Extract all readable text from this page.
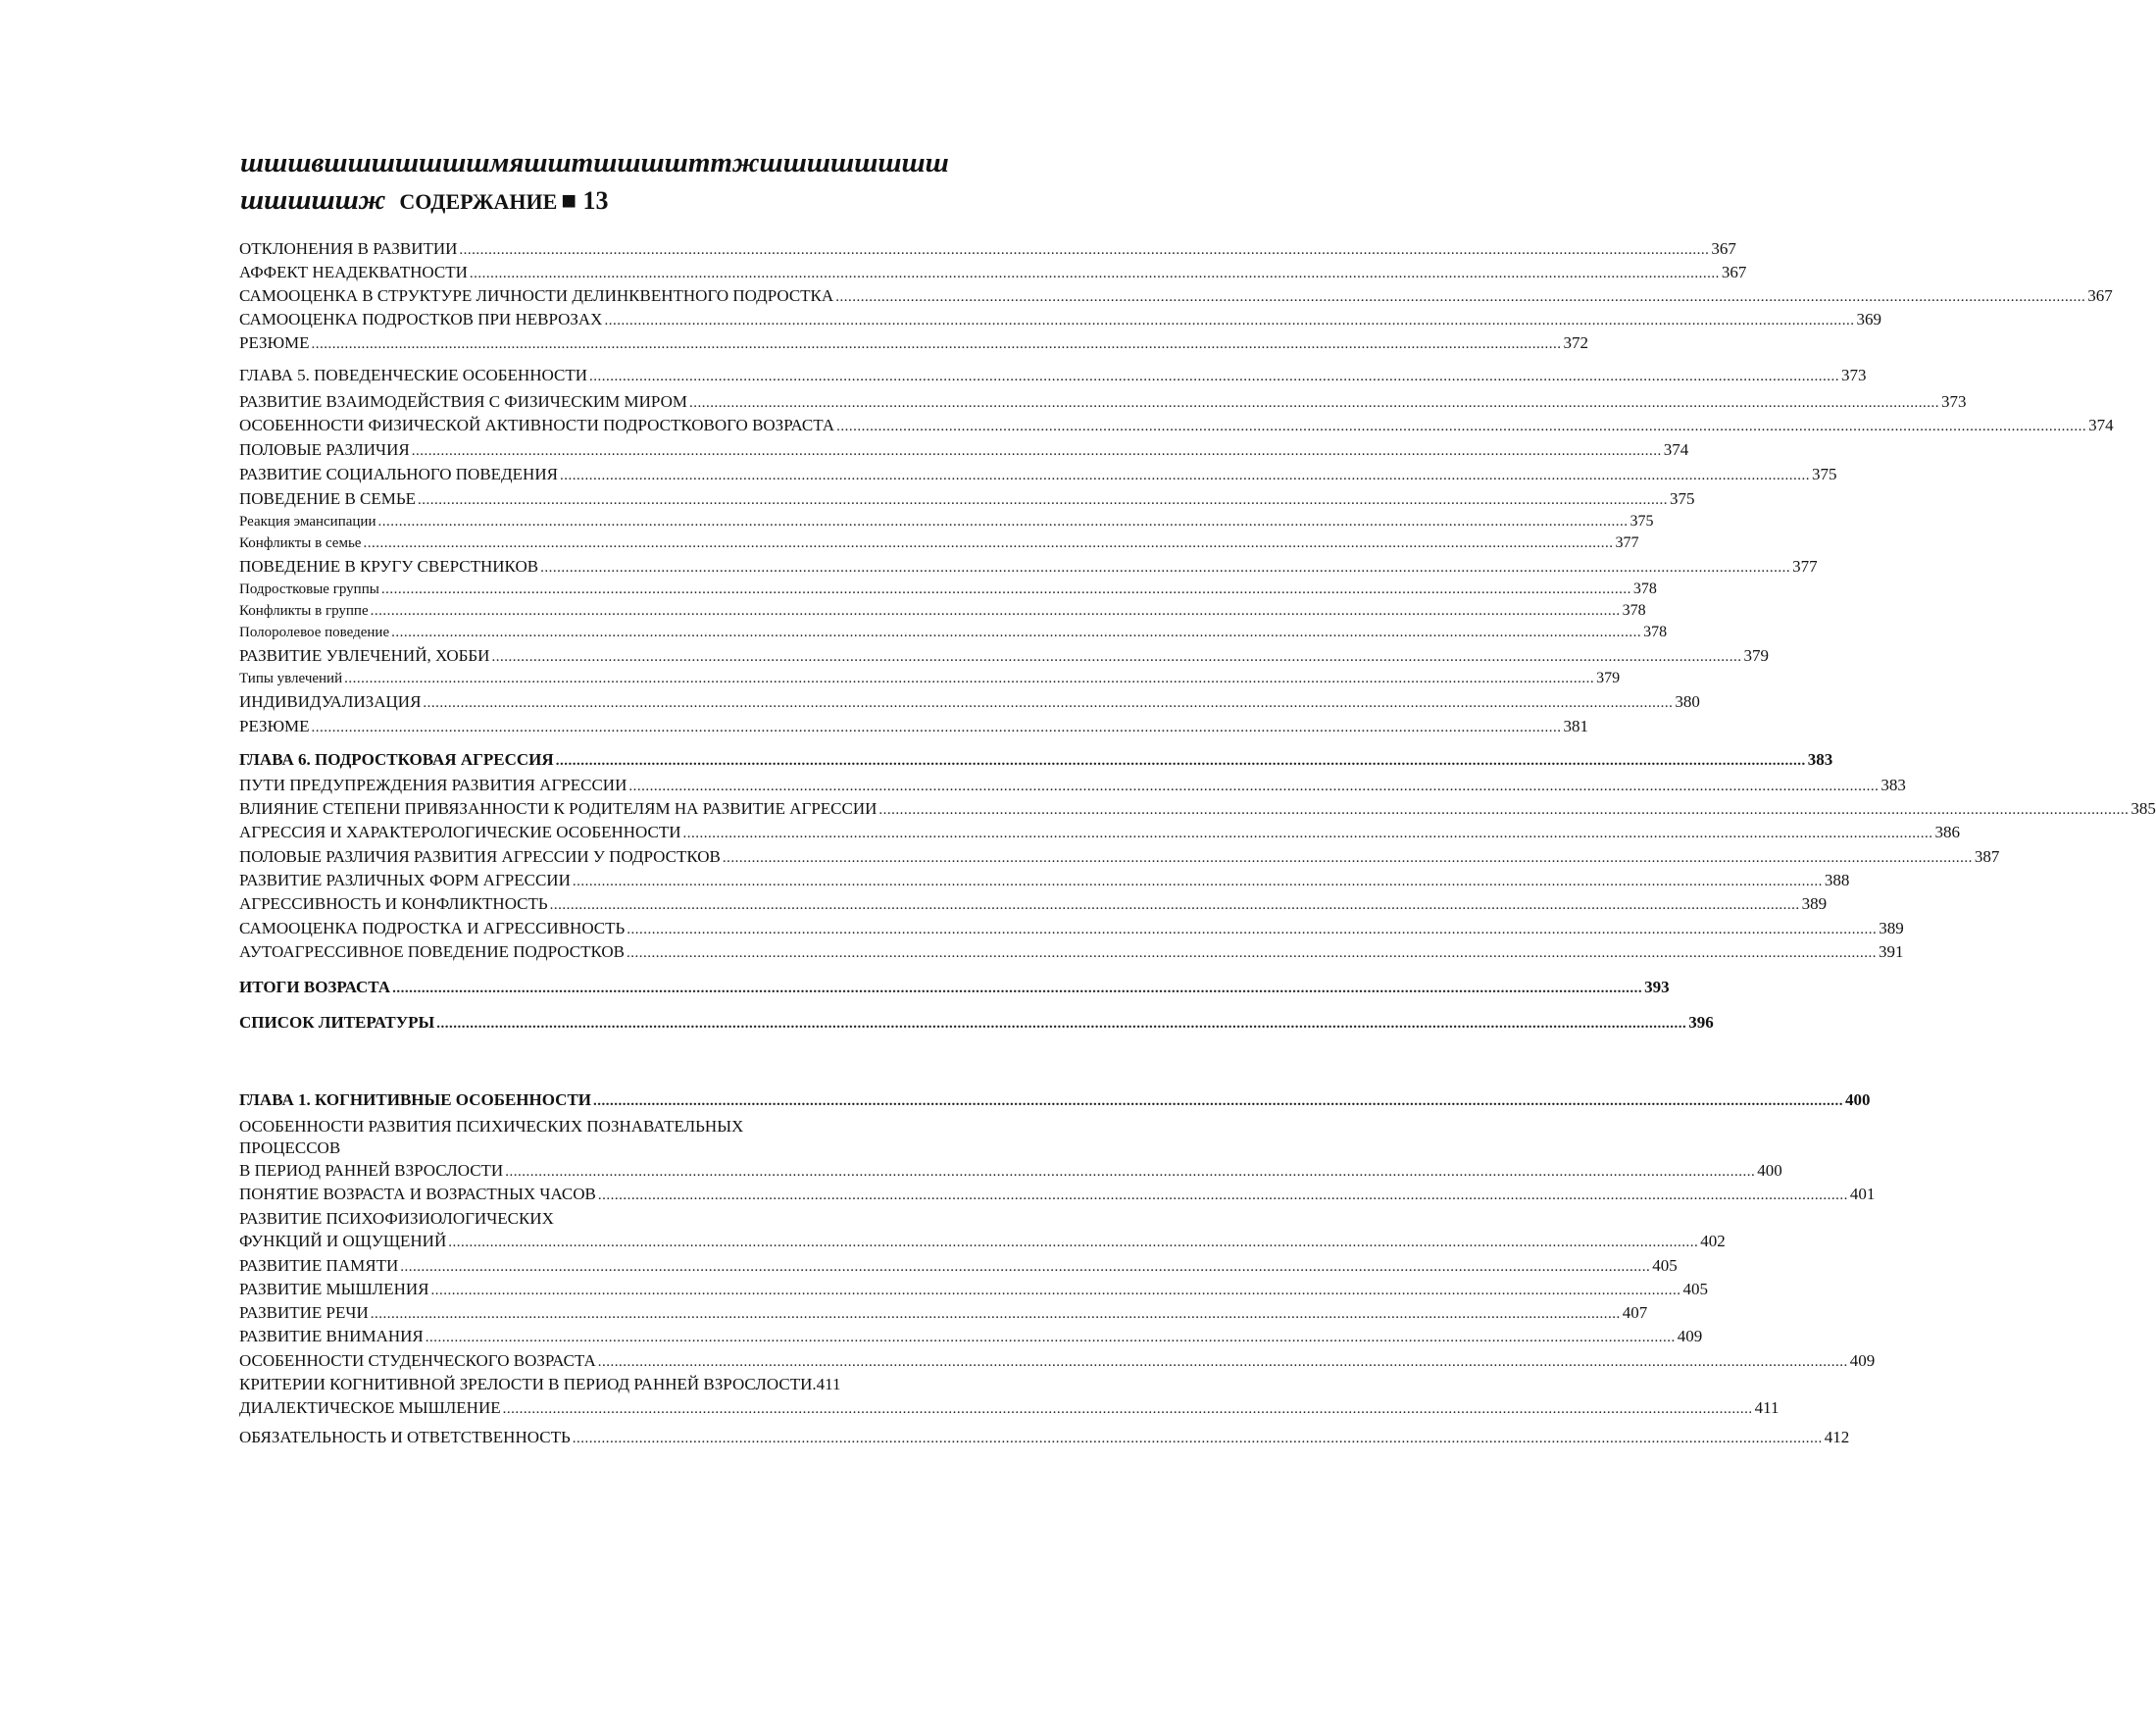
шшшвшшшшшшшмяшштшшшшттжшшшшшшшш
шшшшшж СОДЕРЖАНИЕ ■ 13
ОТКЛОНЕНИЯ В РАЗВИТИИ ............................................................................................................................................................................................................................................................................................................ 367
АФФЕКТ НЕАДЕКВАТНОСТИ ............................................................................................................................................................................................................................................................................................................ 367
САМООЦЕНКА В СТРУКТУРЕ ЛИЧНОСТИ ДЕЛИНКВЕНТНОГО ПОДРОСТКА ............................................................................................................................................................................................................................................................................................................ 367
САМООЦЕНКА ПОДРОСТКОВ ПРИ НЕВРОЗАХ ............................................................................................................................................................................................................................................................................................................ 369
РЕЗЮМЕ ............................................................................................................................................................................................................................................................................................................ 372
ГЛАВА 5. ПОВЕДЕНЧЕСКИЕ ОСОБЕННОСТИ ............................................................................................................................................................................................................................................................................................................ 373
РАЗВИТИЕ ВЗАИМОДЕЙСТВИЯ С ФИЗИЧЕСКИМ МИРОМ ............................................................................................................................................................................................................................................................................................................ 373
ОСОБЕННОСТИ ФИЗИЧЕСКОЙ АКТИВНОСТИ ПОДРОСТКОВОГО ВОЗРАСТА ............................................................................................................................................................................................................................................................................................................ 374
ПОЛОВЫЕ РАЗЛИЧИЯ ............................................................................................................................................................................................................................................................................................................ 374
РАЗВИТИЕ СОЦИАЛЬНОГО ПОВЕДЕНИЯ ............................................................................................................................................................................................................................................................................................................ 375
ПОВЕДЕНИЕ В СЕМЬЕ ............................................................................................................................................................................................................................................................................................................ 375
Реакция эмансипации ............................................................................................................................................................................................................................................................................................................ 375
Конфликты в семье ............................................................................................................................................................................................................................................................................................................ 377
ПОВЕДЕНИЕ В КРУГУ СВЕРСТНИКОВ ............................................................................................................................................................................................................................................................................................................ 377
Подростковые группы ............................................................................................................................................................................................................................................................................................................ 378
Конфликты в группе ............................................................................................................................................................................................................................................................................................................ 378
Полоролевое поведение ............................................................................................................................................................................................................................................................................................................ 378
РАЗВИТИЕ УВЛЕЧЕНИЙ, ХОББИ ............................................................................................................................................................................................................................................................................................................ 379
Типы увлечений ............................................................................................................................................................................................................................................................................................................ 379
ИНДИВИДУАЛИЗАЦИЯ ............................................................................................................................................................................................................................................................................................................ 380
РЕЗЮМЕ ............................................................................................................................................................................................................................................................................................................ 381
ГЛАВА 6. ПОДРОСТКОВАЯ АГРЕССИЯ ............................................................................................................................................................................................................................................................................................................ 383
ПУТИ ПРЕДУПРЕЖДЕНИЯ РАЗВИТИЯ АГРЕССИИ ............................................................................................................................................................................................................................................................................................................ 383
ВЛИЯНИЕ СТЕПЕНИ ПРИВЯЗАННОСТИ К РОДИТЕЛЯМ НА РАЗВИТИЕ АГРЕССИИ ............................................................................................................................................................................................................................................................................................................ 385
АГРЕССИЯ И ХАРАКТЕРОЛОГИЧЕСКИЕ ОСОБЕННОСТИ ............................................................................................................................................................................................................................................................................................................ 386
ПОЛОВЫЕ РАЗЛИЧИЯ РАЗВИТИЯ АГРЕССИИ У ПОДРОСТКОВ ............................................................................................................................................................................................................................................................................................................ 387
РАЗВИТИЕ РАЗЛИЧНЫХ ФОРМ АГРЕССИИ ............................................................................................................................................................................................................................................................................................................ 388
АГРЕССИВНОСТЬ И КОНФЛИКТНОСТЬ ............................................................................................................................................................................................................................................................................................................ 389
САМООЦЕНКА ПОДРОСТКА И АГРЕССИВНОСТЬ ............................................................................................................................................................................................................................................................................................................ 389
АУТОАГРЕССИВНОЕ ПОВЕДЕНИЕ ПОДРОСТКОВ ............................................................................................................................................................................................................................................................................................................ 391
ИТОГИ ВОЗРАСТА ............................................................................................................................................................................................................................................................................................................ 393
СПИСОК ЛИТЕРАТУРЫ ............................................................................................................................................................................................................................................................................................................ 396
ГЛАВА 1. КОГНИТИВНЫЕ ОСОБЕННОСТИ ............................................................................................................................................................................................................................................................................................................ 400
ОСОБЕННОСТИ РАЗВИТИЯ ПСИХИЧЕСКИХ ПОЗНАВАТЕЛЬНЫХ
ПРОЦЕССОВ
В ПЕРИОД РАННЕЙ ВЗРОСЛОСТИ ............................................................................................................................................................................................................................................................................................................ 400
ПОНЯТИЕ ВОЗРАСТА И ВОЗРАСТНЫХ ЧАСОВ ............................................................................................................................................................................................................................................................................................................ 401
РАЗВИТИЕ ПСИХОФИЗИОЛОГИЧЕСКИХ
ФУНКЦИЙ И ОЩУЩЕНИЙ ............................................................................................................................................................................................................................................................................................................ 402
РАЗВИТИЕ ПАМЯТИ ............................................................................................................................................................................................................................................................................................................ 405
РАЗВИТИЕ МЫШЛЕНИЯ ............................................................................................................................................................................................................................................................................................................ 405
РАЗВИТИЕ РЕЧИ ............................................................................................................................................................................................................................................................................................................ 407
РАЗВИТИЕ ВНИМАНИЯ ............................................................................................................................................................................................................................................................................................................ 409
ОСОБЕННОСТИ СТУДЕНЧЕСКОГО ВОЗРАСТА ............................................................................................................................................................................................................................................................................................................ 409
КРИТЕРИИ КОГНИТИВНОЙ ЗРЕЛОСТИ В ПЕРИОД РАННЕЙ ВЗРОСЛОСТИ .411
ДИАЛЕКТИЧЕСКОЕ МЫШЛЕНИЕ ............................................................................................................................................................................................................................................................................................................ 411
ОБЯЗАТЕЛЬНОСТЬ И ОТВЕТСТВЕННОСТЬ ............................................................................................................................................................................................................................................................................................................ 412
